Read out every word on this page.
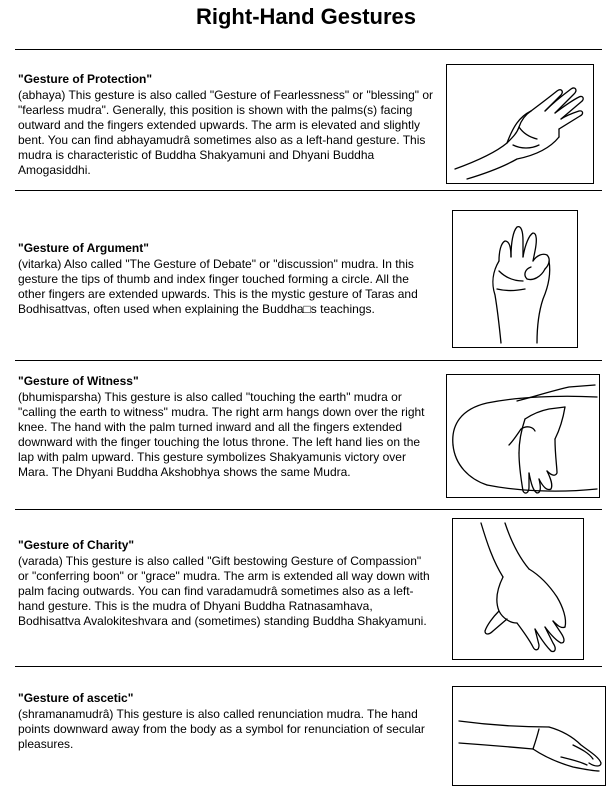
Right-Hand Gestures

"Gesture of Protection"

(abhaya) This gesture is also called "Gesture of Fearlessness" or "blessing" or "fearless mudra". Generally, this position is shown with the palms(s) facing outward and the fingers extended upwards. The arm is elevated and slightly bent. You can find abhayamudrâ sometimes also as a left-hand gesture. This mudra is characteristic of Buddha Shakyamuni and Dhyani Buddha Amogasiddhi.

"Gesture of Argument"

(vitarka) Also called "The Gesture of Debate" or "discussion" mudra. In this gesture the tips of thumb and index finger touched forming a circle. All the other fingers are extended upwards. This is the mystic gesture of Taras and Bodhisattvas, often used when explaining the Buddha□s teachings.

"Gesture of Witness"

(bhumisparsha) This gesture is also called "touching the earth" mudra or "calling the earth to witness" mudra. The right arm hangs down over the right knee. The hand with the palm turned inward and all the fingers extended downward with the finger touching the lotus throne. The left hand lies on the lap with palm upward. This gesture symbolizes Shakyamunis victory over Mara. The Dhyani Buddha Akshobhya shows the same Mudra.

"Gesture of Charity"

(varada) This gesture is also called "Gift bestowing Gesture of Compassion" or "conferring boon" or "grace" mudra. The arm is extended all way down with palm facing outwards. You can find varadamudrâ sometimes also as a left-hand gesture. This is the mudra of Dhyani Buddha Ratnasamhava, Bodhisattva Avalokiteshvara and (sometimes) standing Buddha Shakyamuni.

"Gesture of ascetic"

(shramanamudrâ) This gesture is also called renunciation mudra. The hand points downward away from the body as a symbol for renunciation of secular pleasures.
